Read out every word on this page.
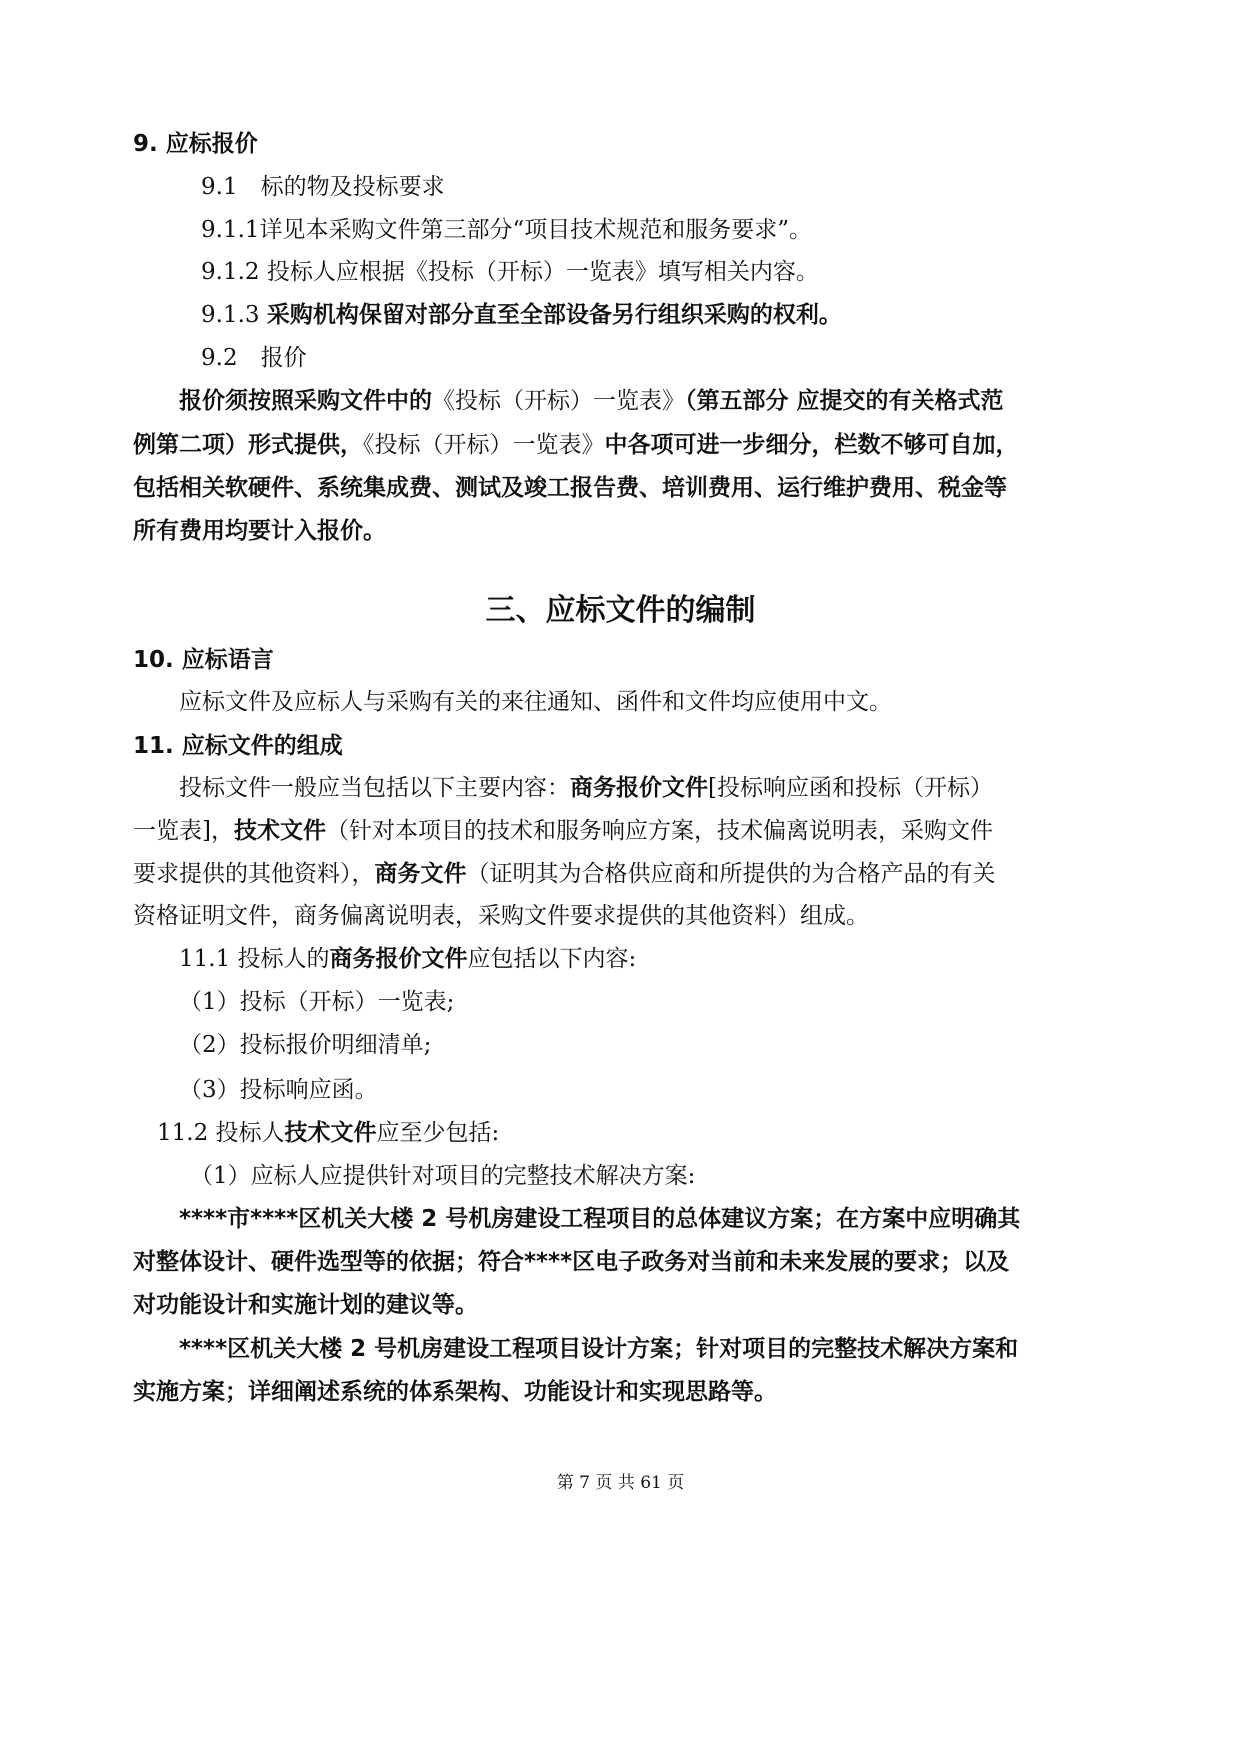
9. 应标报价
9.1　标的物及投标要求
9.1.1详见本采购文件第三部分“项目技术规范和服务要求”。
9.1.2 投标人应根据《投标（开标）一览表》填写相关内容。
9.1.3 采购机构保留对部分直至全部设备另行组织采购的权利。
9.2　报价
报价须按照采购文件中的《投标（开标）一览表》（第五部分 应提交的有关格式范
例第二项）形式提供，《投标（开标）一览表》中各项可进一步细分，栏数不够可自加，
包括相关软硬件、系统集成费、测试及竣工报告费、培训费用、运行维护费用、税金等
所有费用均要计入报价。
三、应标文件的编制
10. 应标语言
应标文件及应标人与采购有关的来往通知、函件和文件均应使用中文。
11. 应标文件的组成
投标文件一般应当包括以下主要内容：商务报价文件[投标响应函和投标（开标）
一览表]，技术文件（针对本项目的技术和服务响应方案，技术偏离说明表，采购文件
要求提供的其他资料），商务文件（证明其为合格供应商和所提供的为合格产品的有关
资格证明文件，商务偏离说明表，采购文件要求提供的其他资料）组成。
11.1 投标人的商务报价文件应包括以下内容:
（1）投标（开标）一览表;
（2）投标报价明细清单;
（3）投标响应函。
11.2 投标人技术文件应至少包括:
（1）应标人应提供针对项目的完整技术解决方案:
****市****区机关大楼 2 号机房建设工程项目的总体建议方案；在方案中应明确其
对整体设计、硬件选型等的依据；符合****区电子政务对当前和未来发展的要求；以及
对功能设计和实施计划的建议等。
****区机关大楼 2 号机房建设工程项目设计方案；针对项目的完整技术解决方案和
实施方案；详细阐述系统的体系架构、功能设计和实现思路等。
第 7 页 共 61 页
